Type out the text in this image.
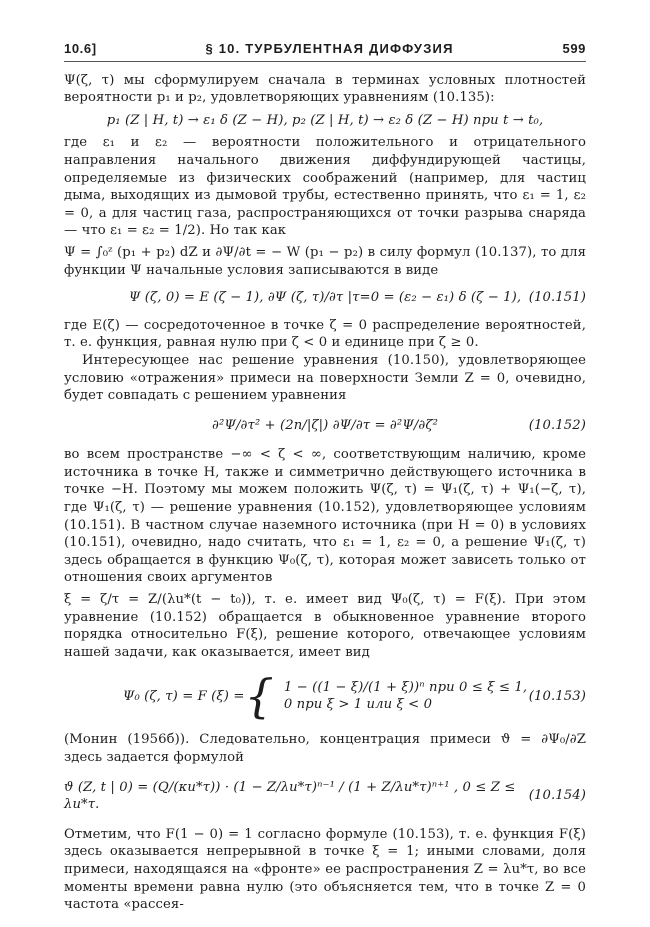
10.6]	§ 10. ТУРБУЛЕНТНАЯ ДИФФУЗИЯ	599

Ψ(ζ, τ) мы сформулируем сначала в терминах условных плотностей вероятности p₁ и p₂, удовлетворяющих уравнениям (10.135):

p₁ (Z | H, t) → ε₁ δ (Z − H), p₂ (Z | H, t) → ε₂ δ (Z − H) при t → t₀,

где ε₁ и ε₂ — вероятности положительного и отрицательного направления начального движения диффундирующей частицы, определяемые из физических соображений (например, для частиц дыма, выходящих из дымовой трубы, естественно принять, что ε₁ = 1, ε₂ = 0, а для частиц газа, распространяющихся от точки разрыва снаряда — что ε₁ = ε₂ = 1/2). Но так как

Ψ = ∫₀ᶻ (p₁ + p₂) dZ и ∂Ψ/∂t = − W (p₁ − p₂) в силу формул (10.137), то для функции Ψ начальные условия записываются в виде

Ψ (ζ, 0) = E (ζ − 1), ∂Ψ (ζ, τ)/∂τ |τ=0 = (ε₂ − ε₁) δ (ζ − 1), (10.151)

где E(ζ) — сосредоточенное в точке ζ = 0 распределение вероятностей, т. е. функция, равная нулю при ζ < 0 и единице при ζ ≥ 0.

Интересующее нас решение уравнения (10.150), удовлетворяющее условию «отражения» примеси на поверхности Земли Z = 0, очевидно, будет совпадать с решением уравнения

∂²Ψ/∂τ² + (2n/|ζ|) ∂Ψ/∂τ = ∂²Ψ/∂ζ²	(10.152)

во всем пространстве −∞ < ζ < ∞, соответствующим наличию, кроме источника в точке H, также и симметрично действующего источника в точке −H. Поэтому мы можем положить Ψ(ζ, τ) = Ψ₁(ζ, τ) + Ψ₁(−ζ, τ), где Ψ₁(ζ, τ) — решение уравнения (10.152), удовлетворяющее условиям (10.151). В частном случае наземного источника (при H = 0) в условиях (10.151), очевидно, надо считать, что ε₁ = 1, ε₂ = 0, а решение Ψ₁(ζ, τ) здесь обращается в функцию Ψ₀(ζ, τ), которая может зависеть только от отношения своих аргументов

ξ = ζ/τ = Z/(λu*(t − t₀)), т. е. имеет вид Ψ₀(ζ, τ) = F(ξ). При этом уравнение (10.152) обращается в обыкновенное уравнение второго порядка относительно F(ξ), решение которого, отвечающее условиям нашей задачи, как оказывается, имеет вид

Ψ₀ (ζ, τ) = F (ξ) = { 1 − ((1 − ξ)/(1 + ξ))ⁿ при 0 ≤ ξ ≤ 1,
0 при ξ > 1 или ξ < 0
(10.153)

(Монин (1956б)). Следовательно, концентрация примеси ϑ = ∂Ψ₀/∂Z здесь задается формулой

ϑ (Z, t | 0) = (Q/(κu*τ)) · (1 − Z/λu*τ)ⁿ⁻¹ / (1 + Z/λu*τ)ⁿ⁺¹ , 0 ≤ Z ≤ λu*τ.
(10.154)

Отметим, что F(1 − 0) = 1 согласно формуле (10.153), т. е. функция F(ξ) здесь оказывается непрерывной в точке ξ = 1; иными словами, доля примеси, находящаяся на «фронте» ее распространения Z = λu*τ, во все моменты времени равна нулю (это объясняется тем, что в точке Z = 0 частота «рассея-
